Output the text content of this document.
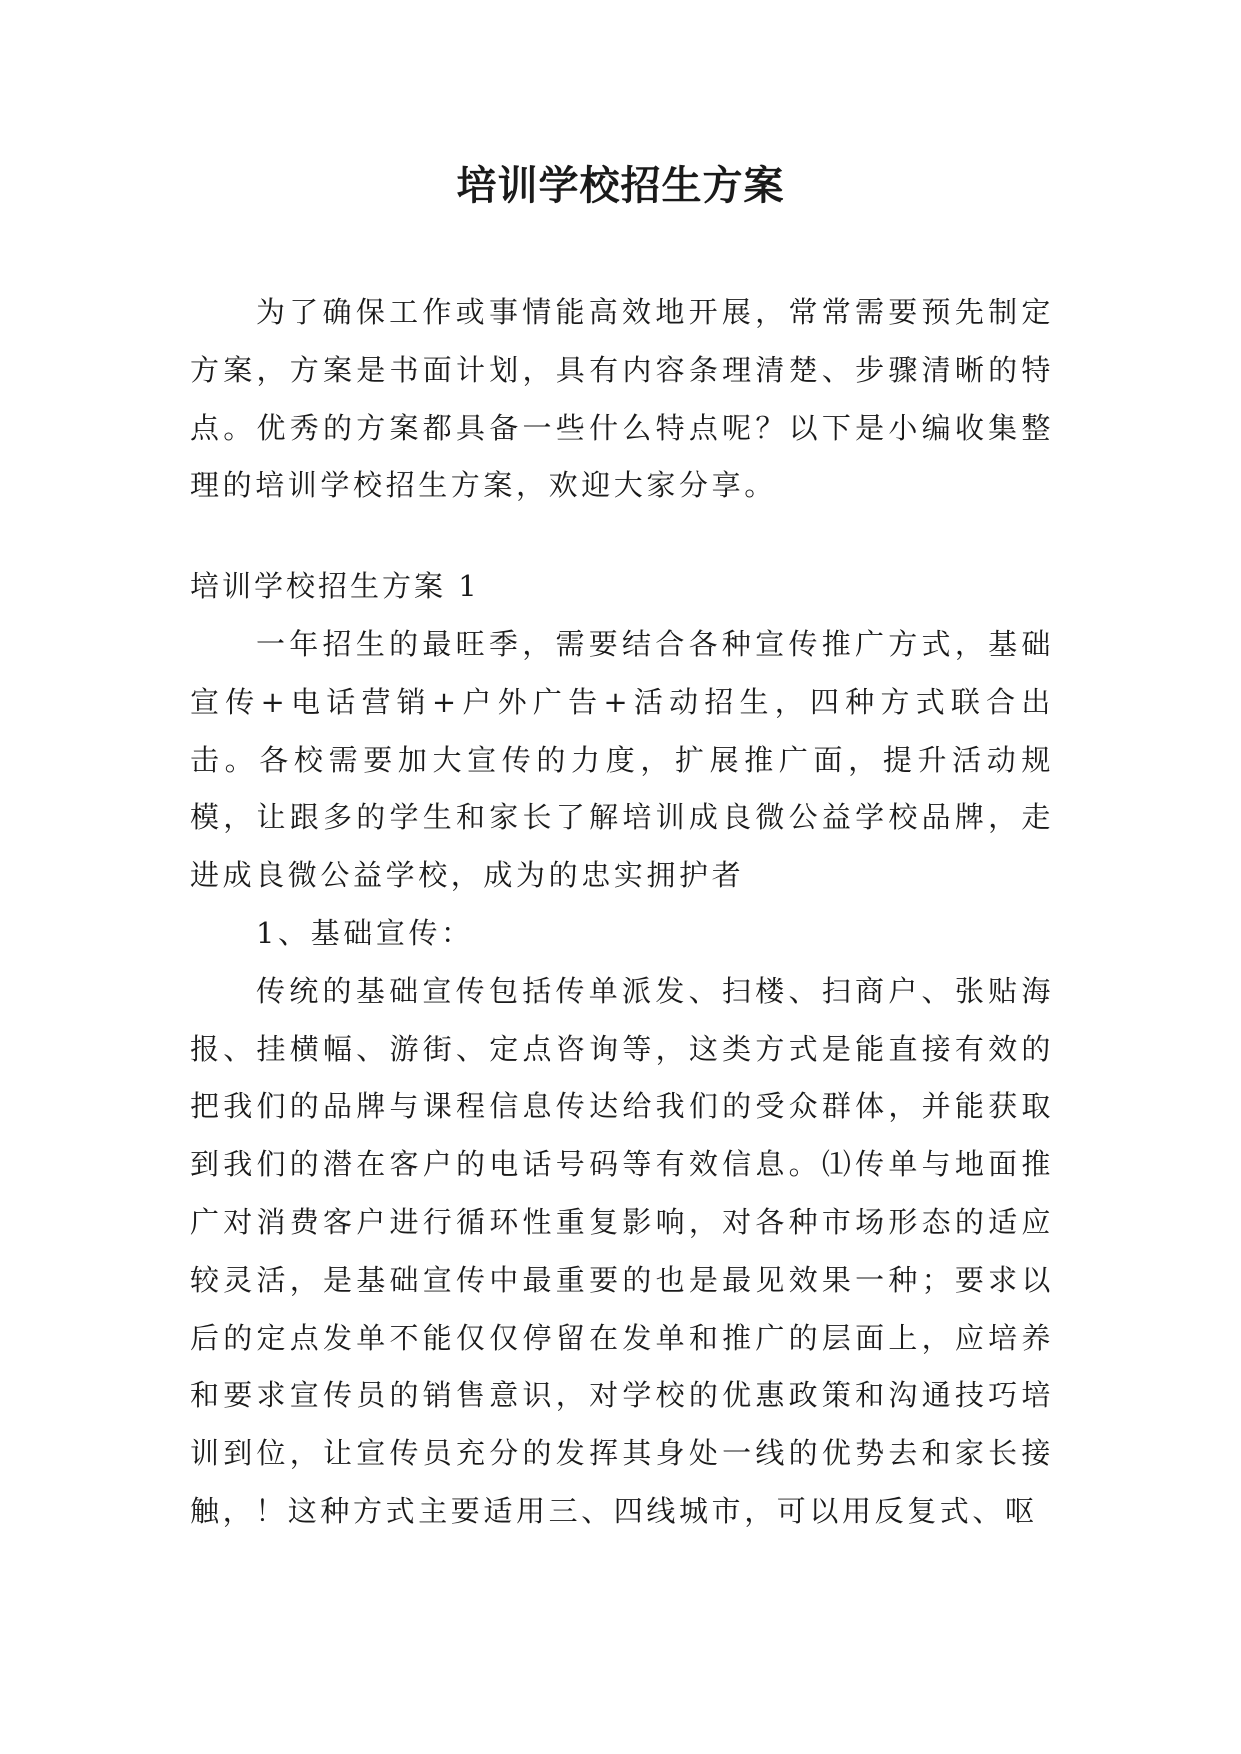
培训学校招生方案

为了确保工作或事情能高效地开展，常常需要预先制定方案，方案是书面计划，具有内容条理清楚、步骤清晰的特点。优秀的方案都具备一些什么特点呢？以下是小编收集整理的培训学校招生方案，欢迎大家分享。

培训学校招生方案 1

一年招生的最旺季，需要结合各种宣传推广方式，基础宣传+电话营销+户外广告+活动招生，四种方式联合出击。各校需要加大宣传的力度，扩展推广面，提升活动规模，让跟多的学生和家长了解培训成良微公益学校品牌，走进成良微公益学校，成为的忠实拥护者

1、基础宣传：

传统的基础宣传包括传单派发、扫楼、扫商户、张贴海报、挂横幅、游街、定点咨询等，这类方式是能直接有效的把我们的品牌与课程信息传达给我们的受众群体，并能获取到我们的潜在客户的电话号码等有效信息。⑴传单与地面推广对消费客户进行循环性重复影响，对各种市场形态的适应较灵活，是基础宣传中最重要的也是最见效果一种；要求以后的定点发单不能仅仅停留在发单和推广的层面上，应培养和要求宣传员的销售意识，对学校的优惠政策和沟通技巧培训到位，让宣传员充分的发挥其身处一线的优势去和家长接触，！这种方式主要适用三、四线城市，可以用反复式、呕
